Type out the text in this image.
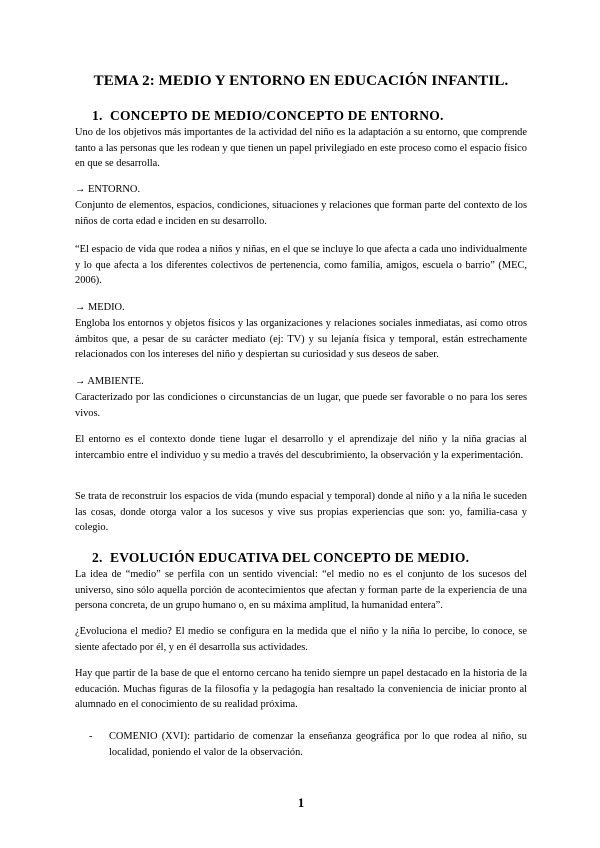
TEMA 2: MEDIO Y ENTORNO EN EDUCACIÓN INFANTIL.
1. CONCEPTO DE MEDIO/CONCEPTO DE ENTORNO.
Uno de los objetivos más importantes de la actividad del niño es la adaptación a su entorno, que comprende tanto a las personas que les rodean y que tienen un papel privilegiado en este proceso como el espacio físico en que se desarrolla.
→ ENTORNO.
Conjunto de elementos, espacios, condiciones, situaciones y relaciones que forman parte del contexto de los niños de corta edad e inciden en su desarrollo.
“El espacio de vida que rodea a niños y niñas, en el que se incluye lo que afecta a cada uno individualmente y lo que afecta a los diferentes colectivos de pertenencia, como familia, amigos, escuela o barrio” (MEC, 2006).
→ MEDIO.
Engloba los entornos y objetos físicos y las organizaciones y relaciones sociales inmediatas, así como otros ámbitos que, a pesar de su carácter mediato (ej: TV) y su lejanía física y temporal, están estrechamente relacionados con los intereses del niño y despiertan su curiosidad y sus deseos de saber.
→ AMBIENTE.
Caracterizado por las condiciones o circunstancias de un lugar, que puede ser favorable o no para los seres vivos.
El entorno es el contexto donde tiene lugar el desarrollo y el aprendizaje del niño y la niña gracias al intercambio entre el individuo y su medio a través del descubrimiento, la observación y la experimentación.
Se trata de reconstruir los espacios de vida (mundo espacial y temporal) donde al niño y a la niña le suceden las cosas, donde otorga valor a los sucesos y vive sus propias experiencias que son: yo, familia-casa y colegio.
2. EVOLUCIÓN EDUCATIVA DEL CONCEPTO DE MEDIO.
La idea de “medio” se perfila con un sentido vivencial: “el medio no es el conjunto de los sucesos del universo, sino sólo aquella porción de acontecimientos que afectan y forman parte de la experiencia de una persona concreta, de un grupo humano o, en su máxima amplitud, la humanidad entera”.
¿Evoluciona el medio? El medio se configura en la medida que el niño y la niña lo percibe, lo conoce, se siente afectado por él, y en él desarrolla sus actividades.
Hay que partir de la base de que el entorno cercano ha tenido siempre un papel destacado en la historia de la educación. Muchas figuras de la filosofía y la pedagogía han resaltado la conveniencia de iniciar pronto al alumnado en el conocimiento de su realidad próxima.
- COMENIO (XVI): partidario de comenzar la enseñanza geográfica por lo que rodea al niño, su localidad, poniendo el valor de la observación.
1
